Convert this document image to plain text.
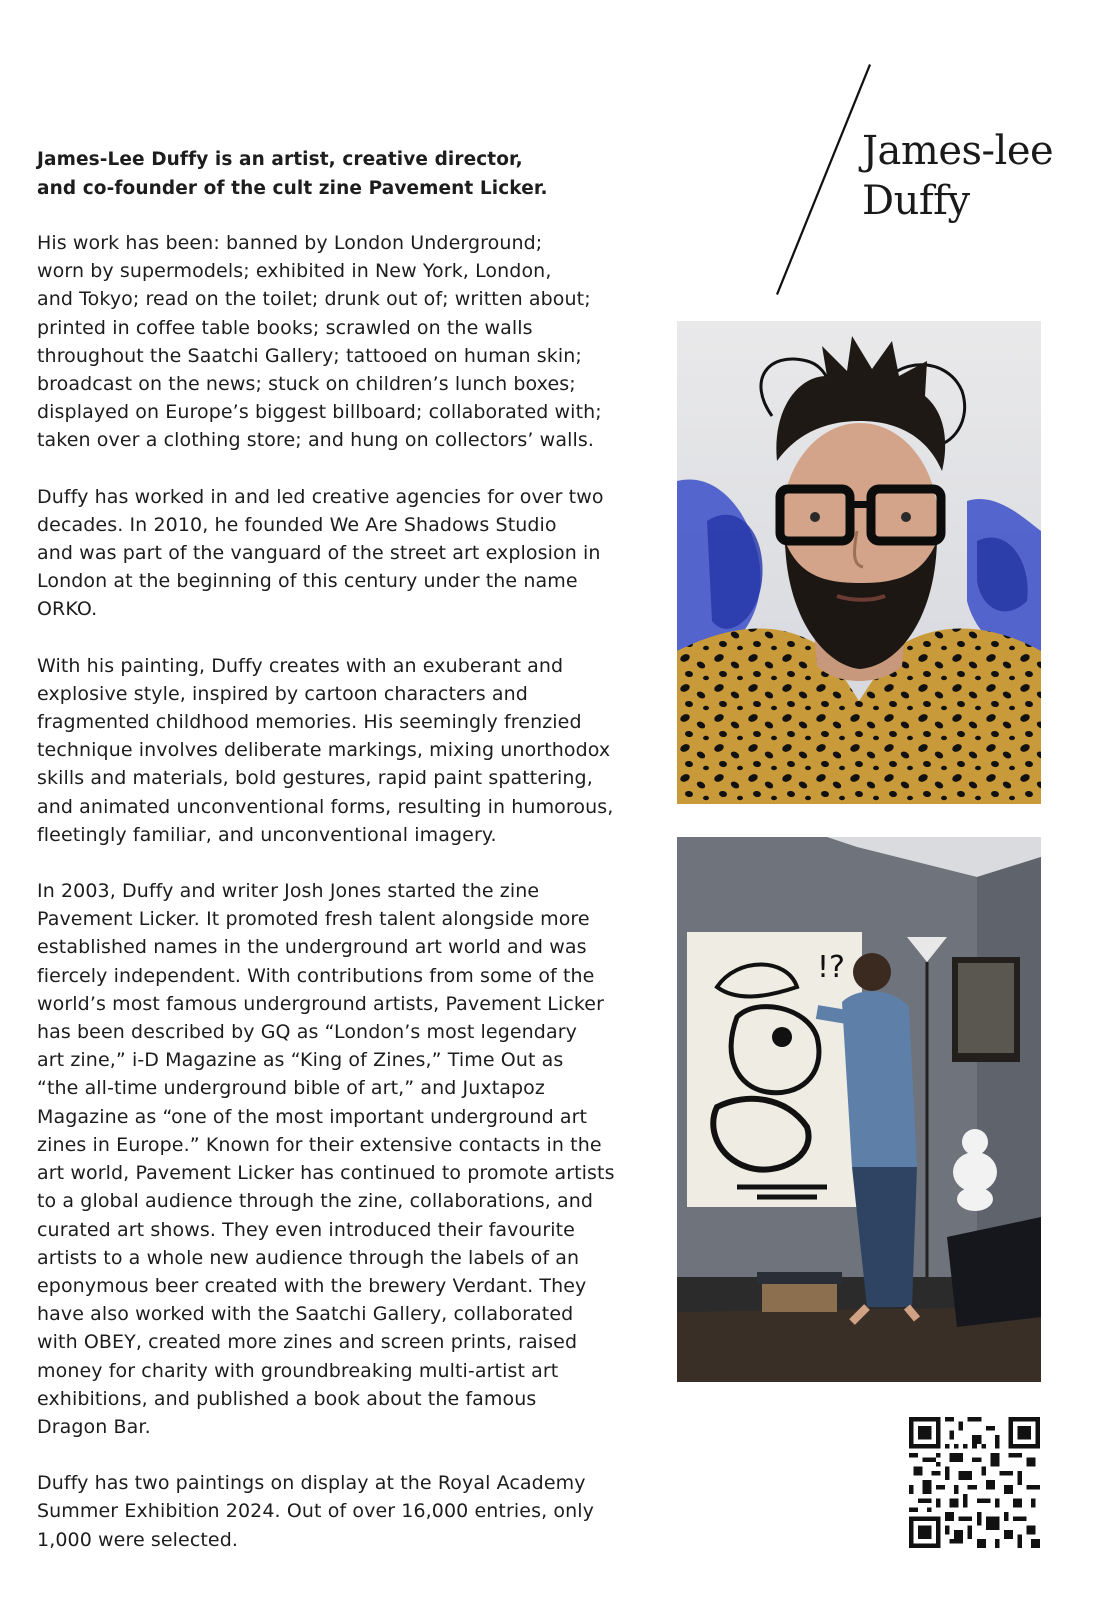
James-Lee Duffy is an artist, creative director,
and co-founder of the cult zine Pavement Licker.

His work has been: banned by London Underground;
worn by supermodels; exhibited in New York, London,
and Tokyo; read on the toilet; drunk out of; written about;
printed in coffee table books; scrawled on the walls
throughout the Saatchi Gallery; tattooed on human skin;
broadcast on the news; stuck on children’s lunch boxes;
displayed on Europe’s biggest billboard; collaborated with;
taken over a clothing store; and hung on collectors’ walls.

Duffy has worked in and led creative agencies for over two
decades. In 2010, he founded We Are Shadows Studio
and was part of the vanguard of the street art explosion in
London at the beginning of this century under the name
ORKO.

With his painting, Duffy creates with an exuberant and
explosive style, inspired by cartoon characters and
fragmented childhood memories. His seemingly frenzied
technique involves deliberate markings, mixing unorthodox
skills and materials, bold gestures, rapid paint spattering,
and animated unconventional forms, resulting in humorous,
fleetingly familiar, and unconventional imagery.

In 2003, Duffy and writer Josh Jones started the zine
Pavement Licker. It promoted fresh talent alongside more
established names in the underground art world and was
fiercely independent. With contributions from some of the
world’s most famous underground artists, Pavement Licker
has been described by GQ as “London’s most legendary
art zine,” i-D Magazine as “King of Zines,” Time Out as
“the all-time underground bible of art,” and Juxtapoz
Magazine as “one of the most important underground art
zines in Europe.” Known for their extensive contacts in the
art world, Pavement Licker has continued to promote artists
to a global audience through the zine, collaborations, and
curated art shows. They even introduced their favourite
artists to a whole new audience through the labels of an
eponymous beer created with the brewery Verdant. They
have also worked with the Saatchi Gallery, collaborated
with OBEY, created more zines and screen prints, raised
money for charity with groundbreaking multi-artist art
exhibitions, and published a book about the famous
Dragon Bar.

Duffy has two paintings on display at the Royal Academy
Summer Exhibition 2024. Out of over 16,000 entries, only
1,000 were selected.

James-lee
Duffy
!?
